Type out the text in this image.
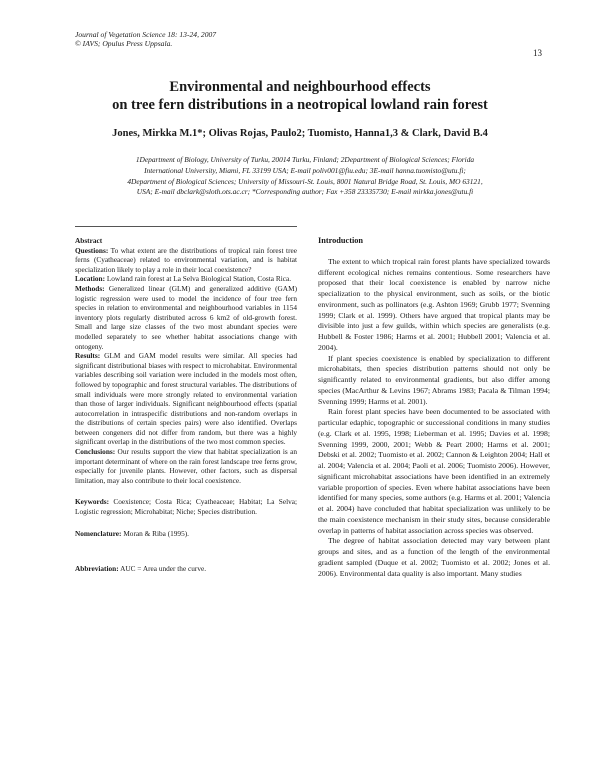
Journal of Vegetation Science 18: 13-24, 2007
© IAVS; Opulus Press Uppsala.
13
Environmental and neighbourhood effects
on tree fern distributions in a neotropical lowland rain forest
Jones, Mirkka M.1*; Olivas Rojas, Paulo2; Tuomisto, Hanna1,3 & Clark, David B.4

1Department of Biology, University of Turku, 20014 Turku, Finland; 2Department of Biological Sciences; Florida

International University, Miami, FL 33199 USA; E-mail poliv001@fiu.edu; 3E-mail hanna.tuomisto@utu.fi;

4Department of Biological Sciences; University of Missouri-St. Louis, 8001 Natural Bridge Road, St. Louis, MO 63121,

USA; E-mail dbclark@sloth.ots.ac.cr; *Corresponding author; Fax +358 23335730; E-mail mirkka.jones@utu.fi

Abstract

Questions: To what extent are the distributions of tropical rain forest tree ferns (Cyatheaceae) related to environmental variation, and is habitat specialization likely to play a role in their local coexistence?

Location: Lowland rain forest at La Selva Biological Station, Costa Rica.

Methods: Generalized linear (GLM) and generalized additive (GAM) logistic regression were used to model the incidence of four tree fern species in relation to environmental and neighbourhood variables in 1154 inventory plots regularly distributed across 6 km2 of old-growth forest. Small and large size classes of the two most abundant species were modelled separately to see whether habitat associations change with ontogeny.

Results: GLM and GAM model results were similar. All species had significant distributional biases with respect to microhabitat. Environmental variables describing soil variation were included in the models most often, followed by topographic and forest structural variables. The distributions of small individuals were more strongly related to environmental variation than those of larger individuals. Significant neighbourhood effects (spatial autocorrelation in intraspecific distributions and non-random overlaps in the distributions of certain species pairs) were also identified. Overlaps between congeners did not differ from random, but there was a highly significant overlap in the distributions of the two most common species.

Conclusions: Our results support the view that habitat specialization is an important determinant of where on the rain forest landscape tree ferns grow, especially for juvenile plants. However, other factors, such as dispersal limitation, may also contribute to their local coexistence.

Keywords: Coexistence; Costa Rica; Cyatheaceae; Habitat; La Selva; Logistic regression; Microhabitat; Niche; Species distribution.

Nomenclature: Moran & Riba (1995).

Abbreviation: AUC = Area under the curve.

Introduction

The extent to which tropical rain forest plants have specialized towards different ecological niches remains contentious. Some researchers have proposed that their local coexistence is enabled by narrow niche specialization to the physical environment, such as soils, or the biotic environment, such as pollinators (e.g. Ashton 1969; Grubb 1977; Svenning 1999; Clark et al. 1999). Others have argued that tropical plants may be divisible into just a few guilds, within which species are generalists (e.g. Hubbell & Foster 1986; Harms et al. 2001; Hubbell 2001; Valencia et al. 2004).

If plant species coexistence is enabled by specialization to different microhabitats, then species distribution patterns should not only be significantly related to environmental gradients, but also differ among species (MacArthur & Levins 1967; Abrams 1983; Pacala & Tilman 1994; Svenning 1999; Harms et al. 2001).

Rain forest plant species have been documented to be associated with particular edaphic, topographic or successional conditions in many studies (e.g. Clark et al. 1995, 1998; Lieberman et al. 1995; Davies et al. 1998; Svenning 1999, 2000, 2001; Webb & Peart 2000; Harms et al. 2001; Debski et al. 2002; Tuomisto et al. 2002; Cannon & Leighton 2004; Hall et al. 2004; Valencia et al. 2004; Paoli et al. 2006; Tuomisto 2006). However, significant microhabitat associations have been identified in an extremely variable proportion of species. Even where habitat associations have been identified for many species, some authors (e.g. Harms et al. 2001; Valencia et al. 2004) have concluded that habitat specialization was unlikely to be the main coexistence mechanism in their study sites, because considerable overlap in patterns of habitat association across species was observed.

The degree of habitat association detected may vary between plant groups and sites, and as a function of the length of the environmental gradient sampled (Duque et al. 2002; Tuomisto et al. 2002; Jones et al. 2006). Environmental data quality is also important. Many studies
